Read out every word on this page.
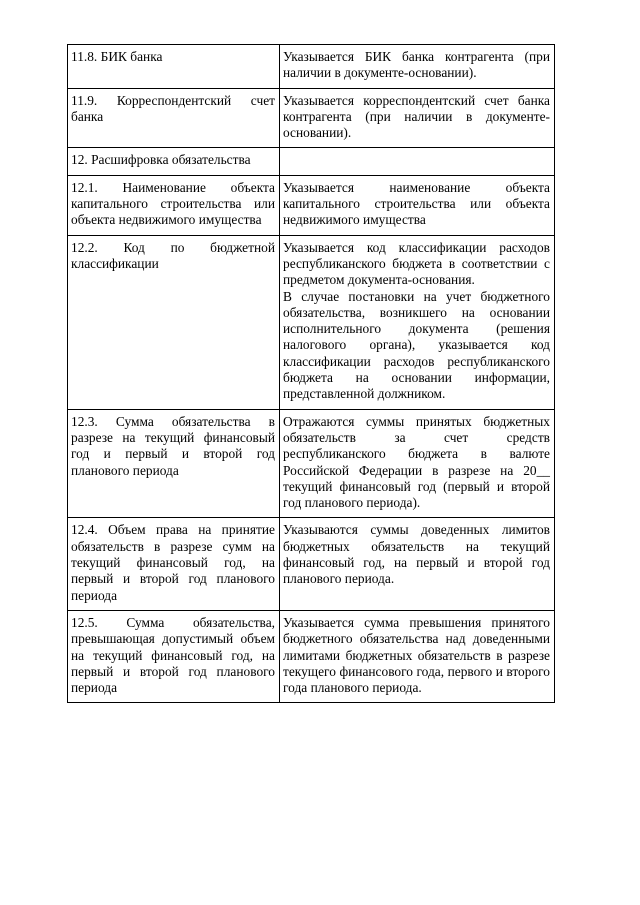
11.8. БИК банка	Указывается БИК банка контрагента (при наличии в документе-основании).

11.9. Корреспондентский счет банка	Указывается корреспондентский счет банка контрагента (при наличии в документе-основании).

12. Расшифровка обязательства	

12.1. Наименование объекта капитального строительства или объекта недвижимого имущества	Указывается наименование объекта капитального строительства или объекта недвижимого имущества

12.2. Код по бюджетной классификации	Указывается код классификации расходов республиканского бюджета в соответствии с предметом документа-основания.
В случае постановки на учет бюджетного обязательства, возникшего на основании исполнительного документа (решения налогового органа), указывается код классификации расходов республиканского бюджета на основании информации, представленной должником.

12.3. Сумма обязательства в разрезе на текущий финансовый год и первый и второй год планового периода	Отражаются суммы принятых бюджетных обязательств за счет средств республиканского бюджета в валюте Российской Федерации в разрезе на 20__ текущий финансовый год (первый и второй год планового периода).

12.4. Объем права на принятие обязательств в разрезе сумм на текущий финансовый год, на первый и второй год планового периода	Указываются суммы доведенных лимитов бюджетных обязательств на текущий финансовый год, на первый и второй год планового периода.

12.5. Сумма обязательства, превышающая допустимый объем на текущий финансовый год, на первый и второй год планового периода	Указывается сумма превышения принятого бюджетного обязательства над доведенными лимитами бюджетных обязательств в разрезе текущего финансового года, первого и второго года планового периода.
